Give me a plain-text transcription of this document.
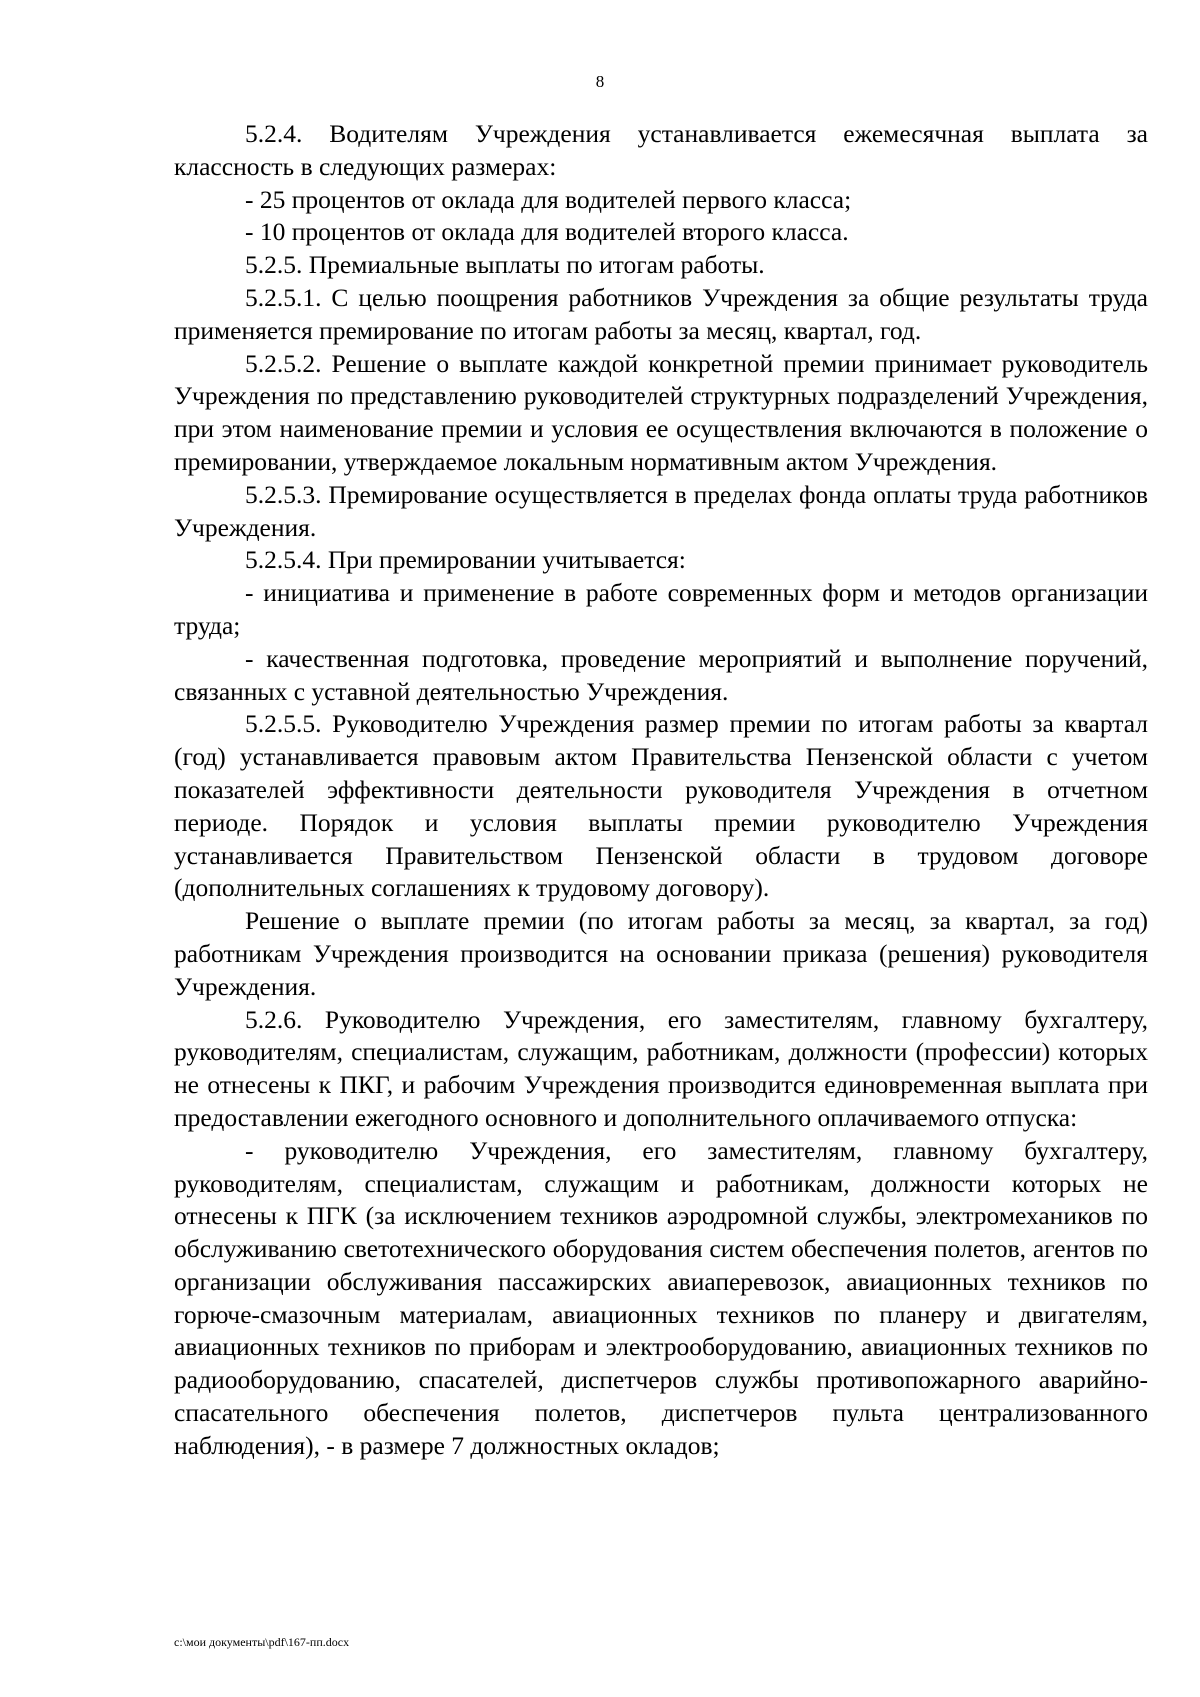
8

5.2.4. Водителям Учреждения устанавливается ежемесячная выплата за классность в следующих размерах:

- 25 процентов от оклада для водителей первого класса;

- 10 процентов от оклада для водителей второго класса.

5.2.5. Премиальные выплаты по итогам работы.

5.2.5.1. С целью поощрения работников Учреждения за общие результаты труда применяется премирование по итогам работы за месяц, квартал, год.

5.2.5.2. Решение о выплате каждой конкретной премии принимает руководитель Учреждения по представлению руководителей структурных подразделений Учреждения, при этом наименование премии и условия ее осуществления включаются в положение о премировании, утверждаемое локальным нормативным актом Учреждения.

5.2.5.3. Премирование осуществляется в пределах фонда оплаты труда работников Учреждения.

5.2.5.4. При премировании учитывается:

- инициатива и применение в работе современных форм и методов организации труда;

- качественная подготовка, проведение мероприятий и выполнение поручений, связанных с уставной деятельностью Учреждения.

5.2.5.5. Руководителю Учреждения размер премии по итогам работы за квартал (год) устанавливается правовым актом Правительства Пензенской области с учетом показателей эффективности деятельности руководителя Учреждения в отчетном периоде. Порядок и условия выплаты премии руководителю Учреждения устанавливается Правительством Пензенской области в трудовом договоре (дополнительных соглашениях к трудовому договору).

Решение о выплате премии (по итогам работы за месяц, за квартал, за год) работникам Учреждения производится на основании приказа (решения) руководителя Учреждения.

5.2.6. Руководителю Учреждения, его заместителям, главному бухгалтеру, руководителям, специалистам, служащим, работникам, должности (профессии) которых не отнесены к ПКГ, и рабочим Учреждения производится единовременная выплата при предоставлении ежегодного основного и дополнительного оплачиваемого отпуска:

- руководителю Учреждения, его заместителям, главному бухгалтеру, руководителям, специалистам, служащим и работникам, должности которых не отнесены к ПГК (за исключением техников аэродромной службы, электромехаников по обслуживанию светотехнического оборудования систем обеспечения полетов, агентов по организации обслуживания пассажирских авиаперевозок, авиационных техников по горюче-смазочным материалам, авиационных техников по планеру и двигателям, авиационных техников по приборам и электрооборудованию, авиационных техников по радиооборудованию, спасателей, диспетчеров службы противопожарного аварийно-спасательного обеспечения полетов, диспетчеров пульта централизованного наблюдения), - в размере 7 должностных окладов;

c:\мои документы\pdf\167-пп.docx
